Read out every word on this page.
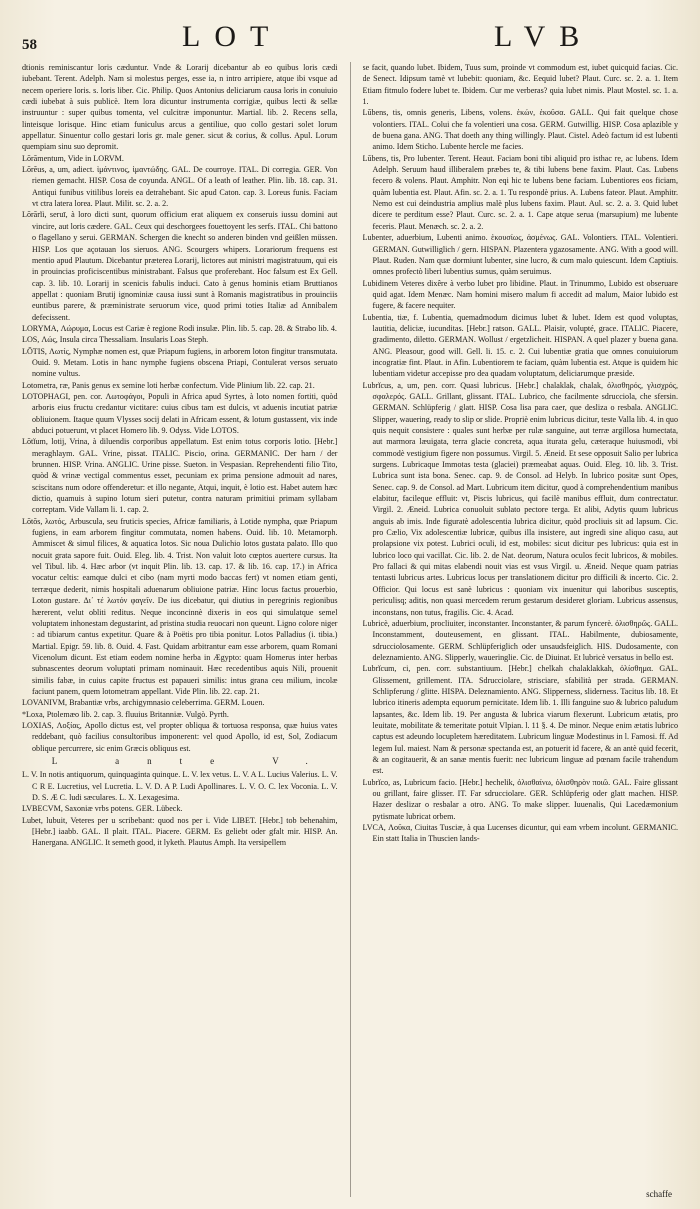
58	LOT	LVB

dtionis reminiscantur loris cæduntur. Vnde & Lorarij dicebantur ab eo quibus loris cædi iubebant. Terent. Adelph. Nam si molestus perges, esse ia, n intro arripiere, atque ibi vsque ad necem operiere loris. s. loris liber. Cic. Philip. Quos Antonius deliciarum causa loris in conuiuio cædi iubebat à suis publicè. Item lora dicuntur instrumenta corrigiæ, quibus lecti & sellæ instruuntur : super quibus tomenta, vel culcitræ imponuntur. Martial. lib. 2. Recens sella, linteisque lorisque. Hinc etiam funiculus arcus a gentiliue, quo collo gestari solet lorum appellatur. Sinuentur collo gestari loris gr. male gener. sicut & corius, & collus. Apul. Lorum quempiam sinu suo depromit.

Lōrāmentum, Vide in LORVM.

Lōrĕus, a, um, adiect. ἱμάντινος, ἱμαντώδης. GAL. De courroye. ITAL. Di corregia. GER. Von riemen gemacht. HISP. Cosa de coyunda. ANGL. Of a leath of leather. Plin. lib. 18. cap. 31. Antiqui funibus vitilibus loreis ea detrahebant. Sic apud Caton. cap. 3. Loreus funis. Faciam vt ctra latera lorea. Plaut. Milit. sc. 2. a. 2.

Lōrārĭi, seruī, à loro dicti sunt, quorum officium erat aliquem ex conseruis iussu domini aut vincire, aut loris cædere. GAL. Ceux qui deschorgees fouettoyent les serfs. ITAL. Chi battono o flagellano y serui. GERMAN. Schergen die knecht so anderen binden vnd geißlen müssen. HISP. Los que açotauan los sieruos. ANG. Scourgers whipers. Lorariorum frequens est mentio apud Plautum. Dicebantur præterea Lorarij, lictores aut ministri magistratuum, qui eis in prouincias proficiscentibus ministrabant. Falsus que proferebant. Hoc falsum est Ex Gell. cap. 3. lib. 10. Lorarij in scenicis fabulis induci. Cato à genus hominis etiam Bruttianos appellat : quoniam Brutij ignominiæ causa iussi sunt à Romanis magistratibus in prouinciis euntibus parere, & præministrate seruorum vice, quod primi toties Italiæ ad Annibalem defecissent.

LORYMA, Λώρυμα, Locus est Cariæ è regione Rodi insulæ. Plin. lib. 5. cap. 28. & Strabo lib. 4.

LOS, Λώς, Insula circa Thessaliam. Insularis Loas Steph.

LŌTIS, Λωτίς, Nymphæ nomen est, quæ Priapum fugiens, in arborem loton fingitur transmutata. Ouid. 9. Metam. Lotis in hanc nymphe fugiens obscena Priapi, Contulerat versos seruato nomine vultus.

Lotometra, ræ, Panis genus ex semine loti herbæ confectum. Vide Plinium lib. 22. cap. 21.

LOTOPHAGI, pen. cor. Λωτοφάγοι, Populi in Africa apud Syrtes, à loto nomen fortiti, quòd arboris eius fructu credantur victitare: cuius cibus tam est dulcis, vt aduenis incutiat patriæ obliuionem. Itaque quum Vlysses socij delati in Africam essent, & lotum gustassent, vix inde abduci potuerunt, vt placet Homero lib. 9. Odyss. Vide LOTOS.

Lōtĭum, lotij, Vrina, à diluendis corporibus appellatum. Est enim totus corporis lotio. [Hebr.] meraghlaym. GAL. Vrine, pissat. ITALIC. Piscio, orina. GERMANIC. Der harn / der brunnen. HISP. Vrina. ANGLIC. Urine pisse. Sueton. in Vespasian. Reprehendenti filio Tito, quòd & vrinæ vectigal commentus esset, pecuniam ex prima pensione admouit ad nares, sciscitans num odore offenderetur: et illo negante, Atqui, inquit, è lotio est. Habet autem hæc dictio, quamuis à supino lotum sieri putetur, contra naturam primitiui primam syllabam correptam. Vide Vallam li. 1. cap. 2.

Lōtŏs, λωτός, Arbuscula, seu fruticis species, Africæ familiaris, à Lotide nympha, quæ Priapum fugiens, in eam arborem fingitur commutata, nomen habens. Ouid. lib. 10. Metamorph. Ammiscet & simul filices, & aquatica lotos. Sic noua Dulichio lotos gustata palato. Illo quo nocuit grata sapore fuit. Ouid. Eleg. lib. 4. Trist. Non valuit loto cœptos auertere cursus. Ita vel Tibul. lib. 4. Hæc arbor (vt inquit Plin. lib. 13. cap. 17. & lib. 16. cap. 17.) in Africa vocatur celtis: eamque dulci et cibo (nam myrti modo baccas fert) vt nomen etiam genti, terræque dederit, nimis hospitali aduenarum obliuione patriæ. Hinc locus factus prouerbio, Loton gustare. Δι᾽ τέ λωτόν φαγεῖν. De ius dicebatur, qui diutius in peregrinis regionibus hærerent, velut obliti reditus. Neque inconcinnè dixeris in eos qui simulatque semel voluptatem inhonestam degustarint, ad pristina studia reuocari non queunt. Ligno colore niger : ad tibiarum cantus expetitur. Quare & à Poëtis pro tibia ponitur. Lotos Palladius (i. tibia.) Martial. Epigr. 59. lib. 8. Ouid. 4. Fast. Quidam arbitrantur eam esse arborem, quam Romani Vicenolum dicunt. Est etiam eodem nomine herba in Ægypto: quam Homerus inter herbas subnascentes deorum voluptati primam nominauit. Hæc recedentibus aquis Nili, prouenit similis fabæ, in cuius capite fructus est papaueri similis: intus grana ceu milium, incolæ faciunt panem, quem lotometram appellant. Vide Plin. lib. 22. cap. 21.

LOVANIVM, Brabantiæ vrbs, archigymnasio celeberrima. GERM. Louen.

*Loxa, Ptolemæo lib. 2. cap. 3. fluuius Britanniæ. Vulgò. Pyrth.

LOXIAS, Λοξίας, Apollo dictus est, vel propter obliqua & tortuosa responsa, quæ huius vates reddebant, quò facilius consultoribus imponerent: vel quod Apollo, id est, Sol, Zodiacum oblique percurrere, sic enim Græcis obliquus est.

L ante V.

L. V. In notis antiquorum, quinquaginta quinque. L. V. lex vetus. L. V. A L. Lucius Valerius. L. V. C R E. Lucretius, vel Lucretia. L. V. D. A P. Ludi Apollinares. L. V. O. C. lex Voconia. L. V. D. S. Æ C. ludi sæculares. L. X. Lexagesima.

LVBECVM, Saxoniæ vrbs potens. GER. Lübeck.

Lubet, lubuit, Veteres per u scribebant: quod nos per i. Vide LIBET. [Hebr.] tob behenahim, [Hebr.] iaabb. GAL. Il plait. ITAL. Piacere. GERM. Es geliebt oder gfalt mir. HISP. An. Hanergana. ANGLIC. It semeth good, it lyketh. Plautus Amph. Ita versipellem

se facit, quando lubet. Ibidem, Tuus sum, proinde vt commodum est, iubet quicquid facias. Cic. de Senect. Idipsum tamè vt lubebit: quoniam, &c. Eequid lubet? Plaut. Curc. sc. 2. a. 1. Item Etiam fitmulo fodere lubet te. Ibidem. Cur me verberas? quia lubet nimis. Plaut Mostel. sc. 1. a. 1.

Lŭbens, tis, omnis generis, Libens, volens. ἑκών, ἑκοῦσα. GALL. Qui fait quelque chose volontiers. ITAL. Colui che fa volentieri una cosa. GERM. Gutwillig. HISP. Cosa aplazible y de buena gana. ANG. That doeth any thing willingly. Plaut. Cistel. Adeò factum id est lubenti animo. Idem Sticho. Lubente hercle me facies.

Lŭbens, tis, Pro lubenter. Terent. Heaut. Faciam boni tibi aliquid pro isthac re, ac lubens. Idem Adelph. Seruum haud illiberalem præbes te, & tibi lubens bene faxim. Plaut. Cas. Lubens fecero & volens. Plaut. Amphitr. Non eqi hic te lubens bene faciam. Lubentiores eos ficiam, quàm lubentia est. Plaut. Afin. sc. 2. a. 1. Tu respondè prius. A. Lubens fateor. Plaut. Amphitr. Nemo est cui deindustria amplius malè plus lubens faxim. Plaut. Aul. sc. 2. a. 3. Quid lubet dicere te perditum esse? Plaut. Curc. sc. 2. a. 1. Cape atque serua (marsupium) me lubente feceris. Plaut. Menæch. sc. 2. a. 2.

Lubenter, aduerbium, Lubenti animo. ἑκουσίως, ἀσμένως. GAL. Volontiers. ITAL. Volentieri. GERMAN. Gutwilliglich / gern. HISPAN. Plazentera ygazosamente. ANG. With a good will. Plaut. Ruden. Nam quæ dormiunt lubenter, sine lucro, & cum malo quiescunt. Idem Captiuis. omnes profectò liberi lubentius sumus, quàm seruimus.

Lubidinem Veteres dixêre à verbo lubet pro libidine. Plaut. in Trinummo, Lubido est obseruare quid agat. Idem Menæc. Nam homini misero malum fi accedit ad malum, Maior lubido est fugere, & facere nequiter.

Lubentia, tiæ, f. Lubentia, quemadmodum dicimus lubet & lubet. Idem est quod voluptas, lautitia, deliciæ, iucunditas. [Hebr.] ratson. GALL. Plaisir, volupté, grace. ITALIC. Piacere, gradimento, diletto. GERMAN. Wollust / ergetzlicheit. HISPAN. A quel plazer y buena gana. ANG. Pleasour, good will. Gell. li. 15. c. 2. Cui lubentiæ gratia que omnes conuiuiorum incogratiæ fint. Plaut. in Afin. Lubentiorem te faciam, quàm lubentia est. Atque is quidem hic lubentiam videtur accepisse pro dea quadam voluptatum, deliciarumque præside.

Lubrĭcus, a, um, pen. corr. Quasi lubricus. [Hebr.] chalaklak, chalak, ὀλισθηρός, γλισχρός, σφαλερός. GALL. Grillant, glissant. ITAL. Lubrico, che facilmente sdrucciola, che sfersin. GERMAN. Schlüpferig / glatt. HISP. Cosa lisa para caer, que desliza o resbala. ANGLIC. Slipper, wauering, ready to slip or slide. Propriè enim lubricus dicitur, teste Valla lib. 4. in quo quis nequit consistere : quales sunt herbæ per rulæ sanguine, aut terræ argillosa humectata, aut marmora læuigata, terra glacie concreta, aqua iturata gelu, cæteraque huiusmodi, vbi commodè vestigium figere non possumus. Virgil. 5. Æneid. Et sese opposuit Salio per lubrica surgens. Lubricaque Immotas testa (glaciei) præmeabat aquas. Ouid. Eleg. 10. lib. 3. Trist. Lubrica sunt ista bona. Senec. cap. 9. de Consol. ad Helyb. In lubrico positæ sunt Opes, Senec. cap. 9. de Consol. ad Mart. Lubricum item dicitur, quod à comprehendentium manibus elabitur, facileque effluit: vt, Piscis lubricus, qui facilè manibus effluit, dum contrectatur. Virgil. 2. Æneid. Lubrica conuoluit sublato pectore terga. Et alibi, Adytis quum lubricus anguis ab imis. Inde figuratè adolescentia lubrica dicitur, quòd procliuis sit ad lapsum. Cic. pro Cælio, Vix adolescentiæ lubricæ, quibus illa insistere, aut ingredi sine aliquo casu, aut prolapsione vix potest. Lubrici oculi, id est, mobiles: sicut dicitur pes lubricus: quia est in lubrico loco qui vacillat. Cic. lib. 2. de Nat. deorum, Natura oculos fecit lubricos, & mobiles. Pro fallaci & qui mitas elabendi nouit vias est vsus Virgil. u. Æneid. Neque quam patrias tentasti lubricus artes. Lubricus locus per translationem dicitur pro difficili & incerto. Cic. 2. Officior. Qui locus est sanè lubricus : quoniam vix inuenitur qui laboribus susceptis, periculisq; aditis, non quasi mercedem rerum gestarum desideret gloriam. Lubricus assensus, inconstans, non tutus, fragilis. Cic. 4. Acad.

Lubricè, aduerbium, procliuiter, inconstanter. Inconstanter, & parum fyncerè. ὀλισθηρῶς. GALL. Inconstamment, douteusement, en glissant. ITAL. Habilmente, dubiosamente, sdrucciolosamente. GERM. Schlüpferiglich oder unsaudsfeiglich. HIS. Dudosamente, con deleznamiento. ANG. Slipperly, waueringlie. Cic. de Diuinat. Et lubricè versatus in bello est.

Lubrĭcum, ci, pen. corr. substantiuum. [Hebr.] chelkah chalaklakkah, ὀλίσθημα. GAL. Glissement, grillement. ITA. Sdrucciolare, strisciare, sfabilità per strada. GERMAN. Schlipferung / glitte. HISPA. Deleznamiento. ANG. Slipperness, sliderness. Tacitus lib. 18. Et lubrico itineris adempta equorum pernicitate. Idem lib. 1. Illi fanguine suo & lubrico paludum lapsantes, &c. Idem lib. 19. Per angusta & lubrica viarum flexerunt. Lubricum ætatis, pro leuitate, mobilitate & temeritate potuit Vlpian. l. 11 §. 4. De minor. Neque enim ætatis lubrico captus est adeundo locupletem hæreditatem. Lubricum linguæ Modestinus in l. Famosi. ff. Ad legem Iul. maiest. Nam & personæ spectanda est, an potuerit id facere, & an antè quid fecerit, & an cogitauerit, & an sanæ mentis fuerit: nec lubricum linguæ ad pœnam facile trahendum est.

Lubrĭco, as, Lubricum facio. [Hebr.] hechelik, ὀλισθαίνω, ὀλισθηρὸν ποιῶ. GAL. Faire glissant ou grillant, faire glisser. IT. Far sdrucciolare. GER. Schlüpferig oder glatt machen. HISP. Hazer deslizar o resbalar a otro. ANG. To make slipper. Iuuenalis, Qui Lacedæmonium pytismate lubricat orbem.

LVCA, Λοῦκα, Ciuitas Tusciæ, à qua Lucenses dicuntur, qui eam vrbem incolunt. GERMANIC. Ein statt Italia in Thuscien lands-

schaffe
